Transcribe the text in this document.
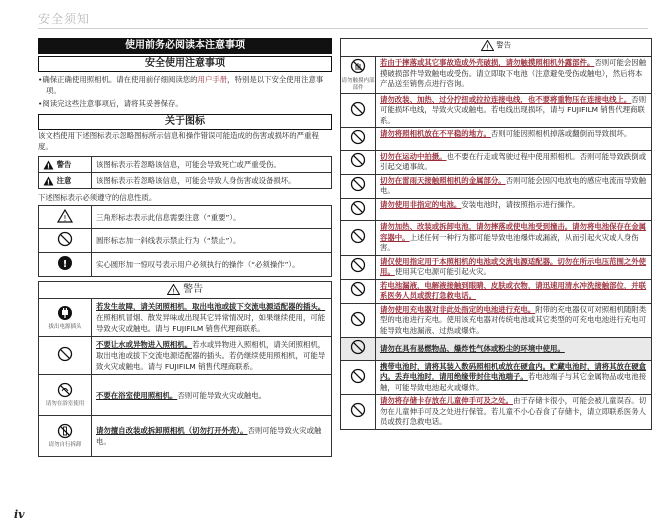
安全须知
使用前务必阅读本注意事项
安全使用注意事项
•确保正确使用照相机。请在使用前仔细阅读您的用户手册，特别是以下安全使用注意事项。
•阅读完这些注意事项后，请将其妥善保存。
关于图标

该文档使用下述图标表示忽略图标所示信息和操作错误可能造成的伤害或损坏的严重程度。

! 警告	该图标表示若忽略该信息，可能会导致死亡或严重受伤。

! 注意	该图标表示若忽略该信息，可能会导致人身伤害或设备损坏。

下述图标表示必须遵守的信息性质。

!	三角形标志表示此信息需要注意（“重要”）。
	圆形标志加一斜线表示禁止行为（“禁止”）。

!	实心圆形加一惊叹号表示用户必须执行的操作（“必须操作”）。
! 警告
拔出电源插头	若发生故障，请关闭照相机，取出电池或拔下交流电源适配器的插头。在照相机冒烟、散发异味或出现其它异常情况时，如果继续使用，可能导致火灾或触电。请与 FUJIFILM 销售代理商联系。
	不要让水或异物进入照相机。若水或异物进入照相机，请关闭照相机，取出电池或拔下交流电源适配器的插头。若仍继续使用照相机，可能导致火灾或触电。请与 FUJIFILM 销售代理商联系。

请勿在浴室使用	不要在浴室使用照相机。否则可能导致火灾或触电。

请勿自行拆卸	请勿擅自改装或拆卸照相机（切勿打开外壳）。否则可能导致火灾或触电。
! 警告	

请勿触摸内部部件	若由于摔落或其它事故造成外壳破损，请勿触摸照相机外露部件。否则可能会因触摸破损部件导致触电或受伤。请立即取下电池（注意避免受伤或触电），然后将本产品送至销售点进行咨询。
	请勿改装、加热、过分拧扭或拉拉连接电线，也不要将重物压在连接电线上。否则可能损坏电线，导致火灾或触电。若电线出现损坏，请与 FUJIFILM 销售代理商联系。
	请勿将照相机放在不平稳的地方。否则可能因照相机掉落或翻倒而导致损坏。
	切勿在运动中拍摄。也不要在行走或驾驶过程中使用照相机。否则可能导致跌倒或引起交通事故。
	切勿在雷雨天接触照相机的金属部分。否则可能会因闪电放电的感应电流而导致触电。
	请勿使用非指定的电池。安装电池时，请按照指示进行操作。
	请勿加热、改装或拆卸电池，请勿摔落或使电池受到撞击。请勿将电池保存在金属容器中。上述任何一种行为都可能导致电池爆炸或漏液，从而引起火灾或人身伤害。
	请仅使用指定用于本照相机的电池或交流电源适配器。切勿在所示电压范围之外使用。使用其它电源可能引起火灾。
	若电池漏液，电解液接触到眼睛、皮肤或衣物，请迅速用清水冲洗接触部位，并联系医务人员或拨打急救电话。
	请勿使用充电器对非此处指定的电池进行充电。附带的充电器仅可对照相机随附类型的电池进行充电。使用该充电器对传统电池或其它类型的可充电电池进行充电可能导致电池漏液、过热或爆炸。
	请勿在具有易燃物品、爆炸性气体或粉尘的环境中使用。
	携带电池时，请将其装入数码照相机或放在硬盒内。贮藏电池时，请将其放在硬盒内。丢弃电池时，请用绝缘带封住电池端子。若电池端子与其它金属物品或电池接触，可能导致电池起火或爆炸。
	请勿将存储卡存放在儿童伸手可及之处。由于存储卡很小，可能会被儿童误吞。切勿在儿童伸手可及之处进行保管。若儿童不小心吞食了存储卡，请立即联系医务人员或拨打急救电话。
iv
